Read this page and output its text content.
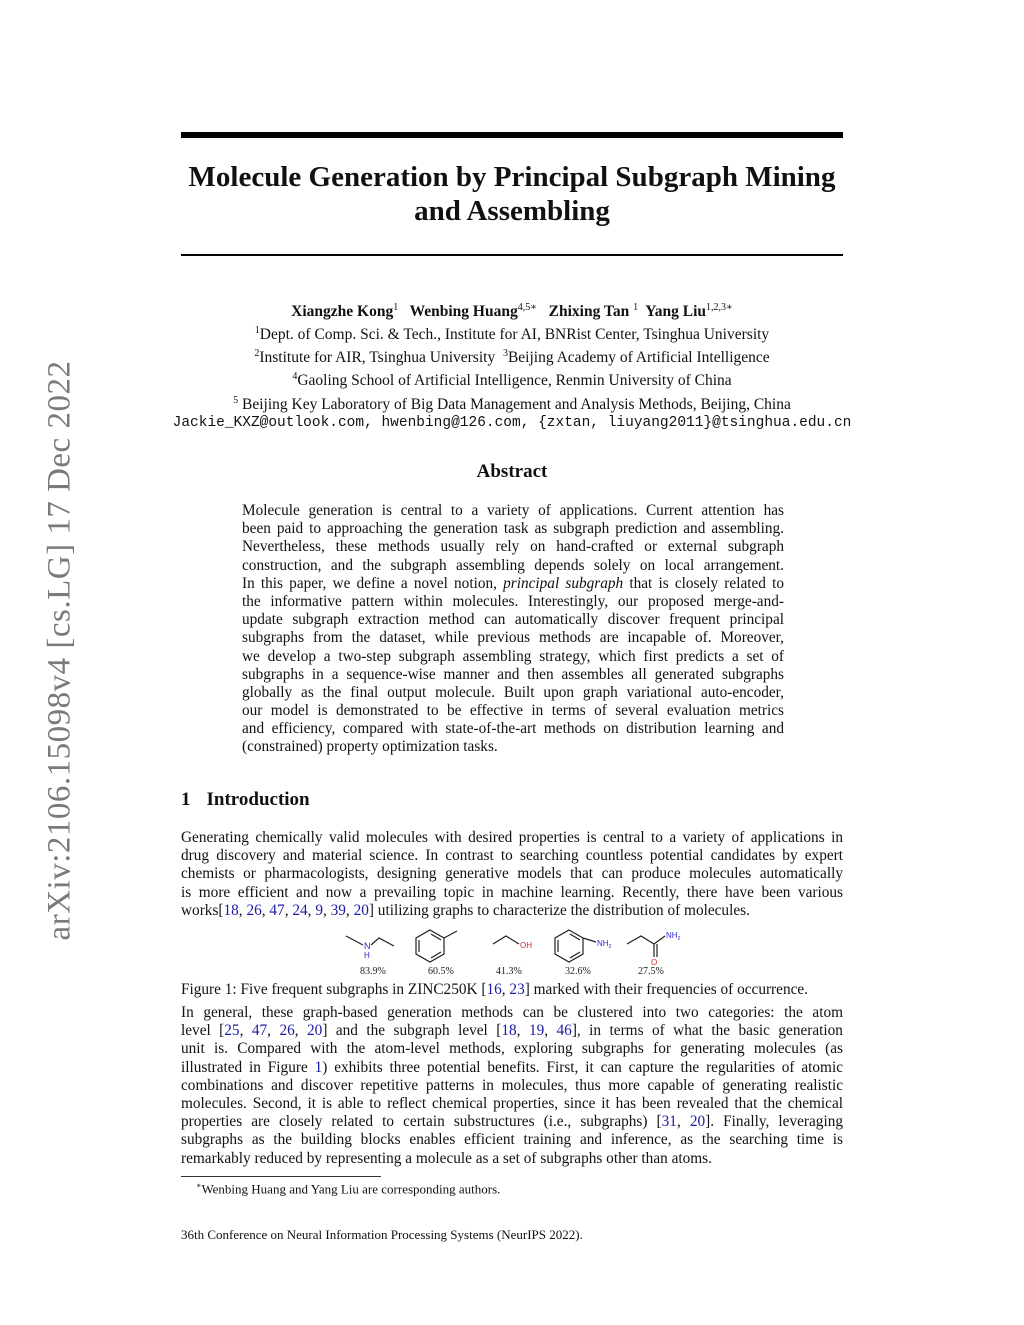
arXiv:2106.15098v4 [cs.LG] 17 Dec 2022
Molecule Generation by Principal Subgraph Mining
and Assembling
Xiangzhe Kong$^1$ Wenbing Huang$^{4,5∗}$ Zhixing Tan $^1$ Yang Liu$^{1,2,3∗}$
$^1$Dept. of Comp. Sci. & Tech., Institute for AI, BNRist Center, Tsinghua University
$^2$Institute for AIR, Tsinghua University $^3$Beijing Academy of Artificial Intelligence
$^4$Gaoling School of Artificial Intelligence, Renmin University of China
$^5$ Beijing Key Laboratory of Big Data Management and Analysis Methods, Beijing, China
Jackie_KXZ@outlook.com, hwenbing@126.com, {zxtan, liuyang2011}@tsinghua.edu.cn
Abstract
Molecule generation is central to a variety of applications. Current attention has
been paid to approaching the generation task as subgraph prediction and assembling.
Nevertheless, these methods usually rely on hand-crafted or external subgraph
construction, and the subgraph assembling depends solely on local arrangement.
In this paper, we define a novel notion, principal subgraph that is closely related to
the informative pattern within molecules. Interestingly, our proposed merge-and-
update subgraph extraction method can automatically discover frequent principal
subgraphs from the dataset, while previous methods are incapable of. Moreover,
we develop a two-step subgraph assembling strategy, which first predicts a set of
subgraphs in a sequence-wise manner and then assembles all generated subgraphs
globally as the final output molecule. Built upon graph variational auto-encoder,
our model is demonstrated to be effective in terms of several evaluation metrics
and efficiency, compared with state-of-the-art methods on distribution learning and
(constrained) property optimization tasks.
1 Introduction
Generating chemically valid molecules with desired properties is central to a variety of applications in
drug discovery and material science. In contrast to searching countless potential candidates by expert
chemists or pharmacologists, designing generative models that can produce molecules automatically
is more efficient and now a prevailing topic in machine learning. Recently, there have been various
works[18, 26, 47, 24, 9, 39, 20] utilizing graphs to characterize the distribution of molecules.
N
H
OH	$NH_2$
$NH_2$
O
83.9%	60.5%	41.3%	32.6%	27.5%
Figure 1: Five frequent subgraphs in ZINC250K [16, 23] marked with their frequencies of occurrence.
In general, these graph-based generation methods can be clustered into two categories: the atom
level [25, 47, 26, 20] and the subgraph level [18, 19, 46], in terms of what the basic generation
unit is. Compared with the atom-level methods, exploring subgraphs for generating molecules (as
illustrated in Figure 1) exhibits three potential benefits. First, it can capture the regularities of atomic
combinations and discover repetitive patterns in molecules, thus more capable of generating realistic
molecules. Second, it is able to reflect chemical properties, since it has been revealed that the chemical
properties are closely related to certain substructures (i.e., subgraphs) [31, 20]. Finally, leveraging
subgraphs as the building blocks enables efficient training and inference, as the searching time is
remarkably reduced by representing a molecule as a set of subgraphs other than atoms.
∗Wenbing Huang and Yang Liu are corresponding authors.
36th Conference on Neural Information Processing Systems (NeurIPS 2022).
